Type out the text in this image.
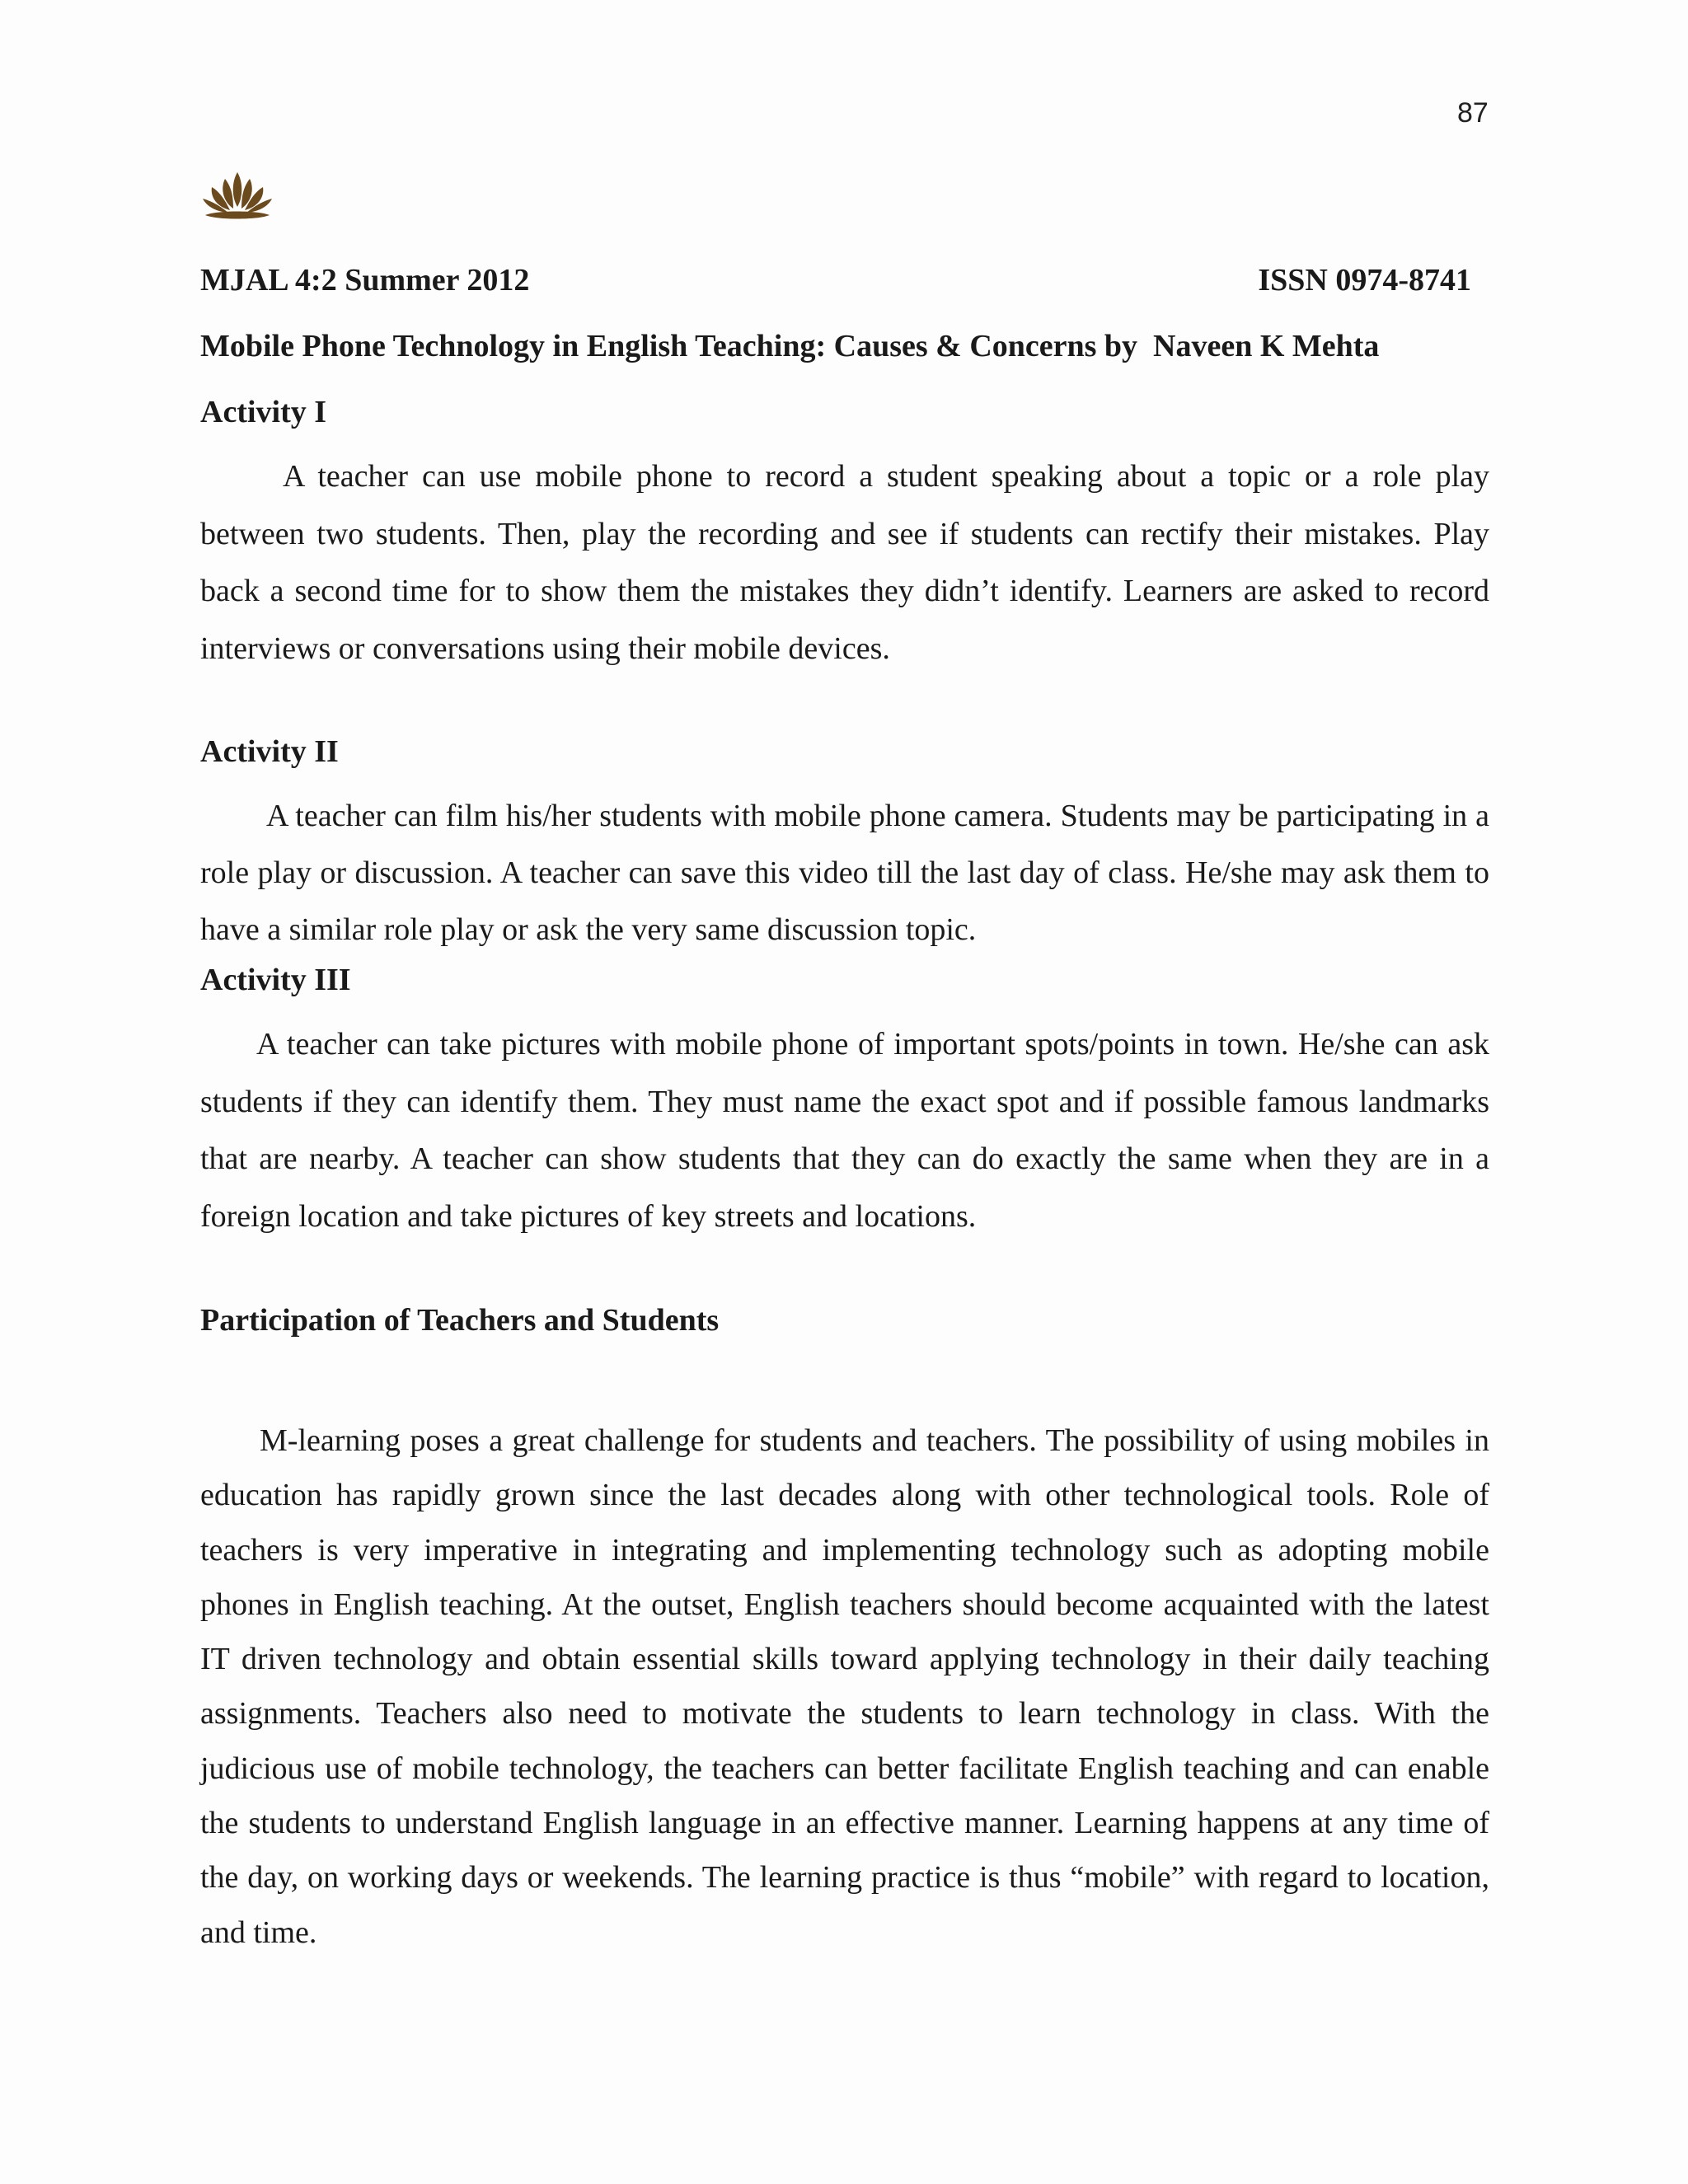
87
MJAL 4:2 Summer 2012	ISSN 0974-8741
Mobile Phone Technology in English Teaching: Causes & Concerns by  Naveen K Mehta
Activity I

A teacher can use mobile phone to record a student speaking about a topic or a role play between two students. Then, play the recording and see if students can rectify their mistakes. Play back a second time for to show them the mistakes they didn’t identify. Learners are asked to record interviews or conversations using their mobile devices.

Activity II

A teacher can film his/her students with mobile phone camera. Students may be participating in a role play or discussion. A teacher can save this video till the last day of class. He/she may ask them to have a similar role play or ask the very same discussion topic.

Activity III

A teacher can take pictures with mobile phone of important spots/points in town. He/she can ask students if they can identify them. They must name the exact spot and if possible famous landmarks that are nearby. A teacher can show students that they can do exactly the same when they are in a foreign location and take pictures of key streets and locations.

Participation of Teachers and Students

M-learning poses a great challenge for students and teachers. The possibility of using mobiles in education has rapidly grown since the last decades along with other technological tools. Role of teachers is very imperative in integrating and implementing technology such as adopting mobile phones in English teaching. At the outset, English teachers should become acquainted with the latest IT driven technology and obtain essential skills toward applying technology in their daily teaching assignments. Teachers also need to motivate the students to learn technology in class. With the judicious use of mobile technology, the teachers can better facilitate English teaching and can enable the students to understand English language in an effective manner. Learning happens at any time of the day, on working days or weekends. The learning practice is thus “mobile” with regard to location, and time.
